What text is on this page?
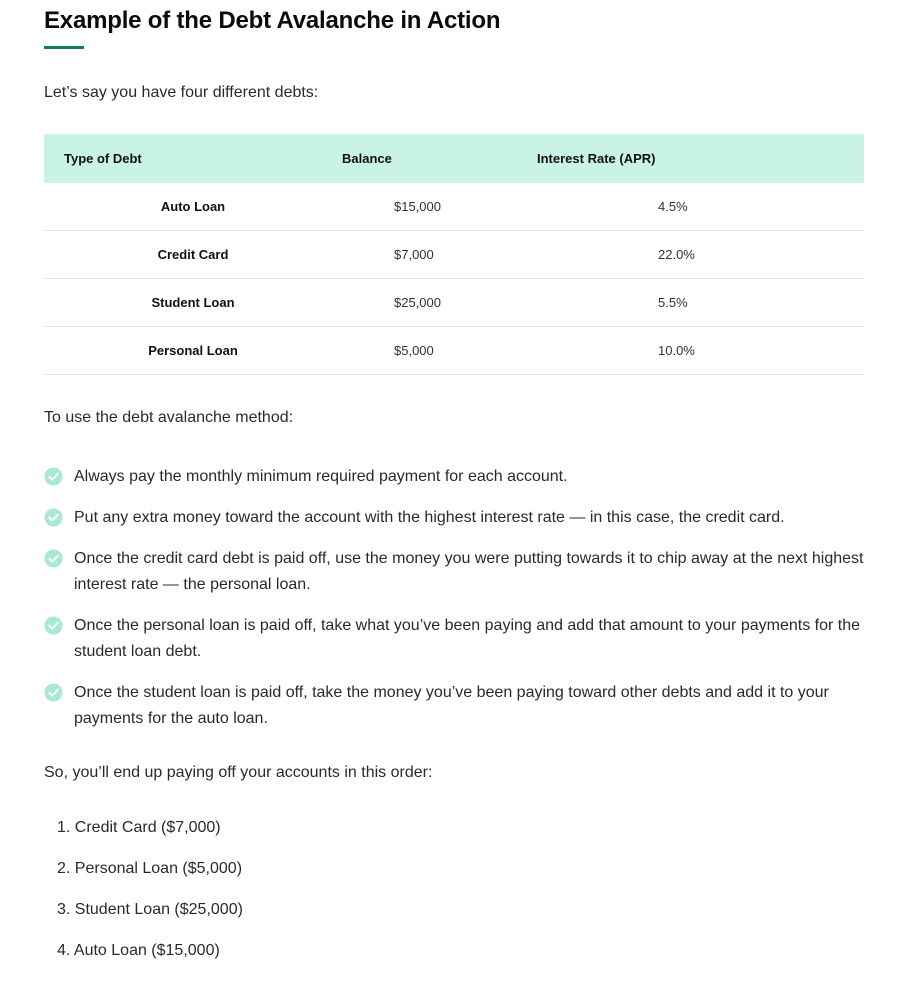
Example of the Debt Avalanche in Action

Let’s say you have four different debts:

Type of Debt	Balance	Interest Rate (APR)
Auto Loan	$15,000	4.5%
Credit Card	$7,000	22.0%
Student Loan	$25,000	5.5%
Personal Loan	$5,000	10.0%

To use the debt avalanche method:

Always pay the monthly minimum required payment for each account.
Put any extra money toward the account with the highest interest rate — in this case, the credit card.
Once the credit card debt is paid off, use the money you were putting towards it to chip away at the next highest interest rate — the personal loan.
Once the personal loan is paid off, take what you’ve been paying and add that amount to your payments for the student loan debt.
Once the student loan is paid off, take the money you’ve been paying toward other debts and add it to your payments for the auto loan.

So, you’ll end up paying off your accounts in this order:

1. Credit Card ($7,000)
2. Personal Loan ($5,000)
3. Student Loan ($25,000)
4. Auto Loan ($15,000)
